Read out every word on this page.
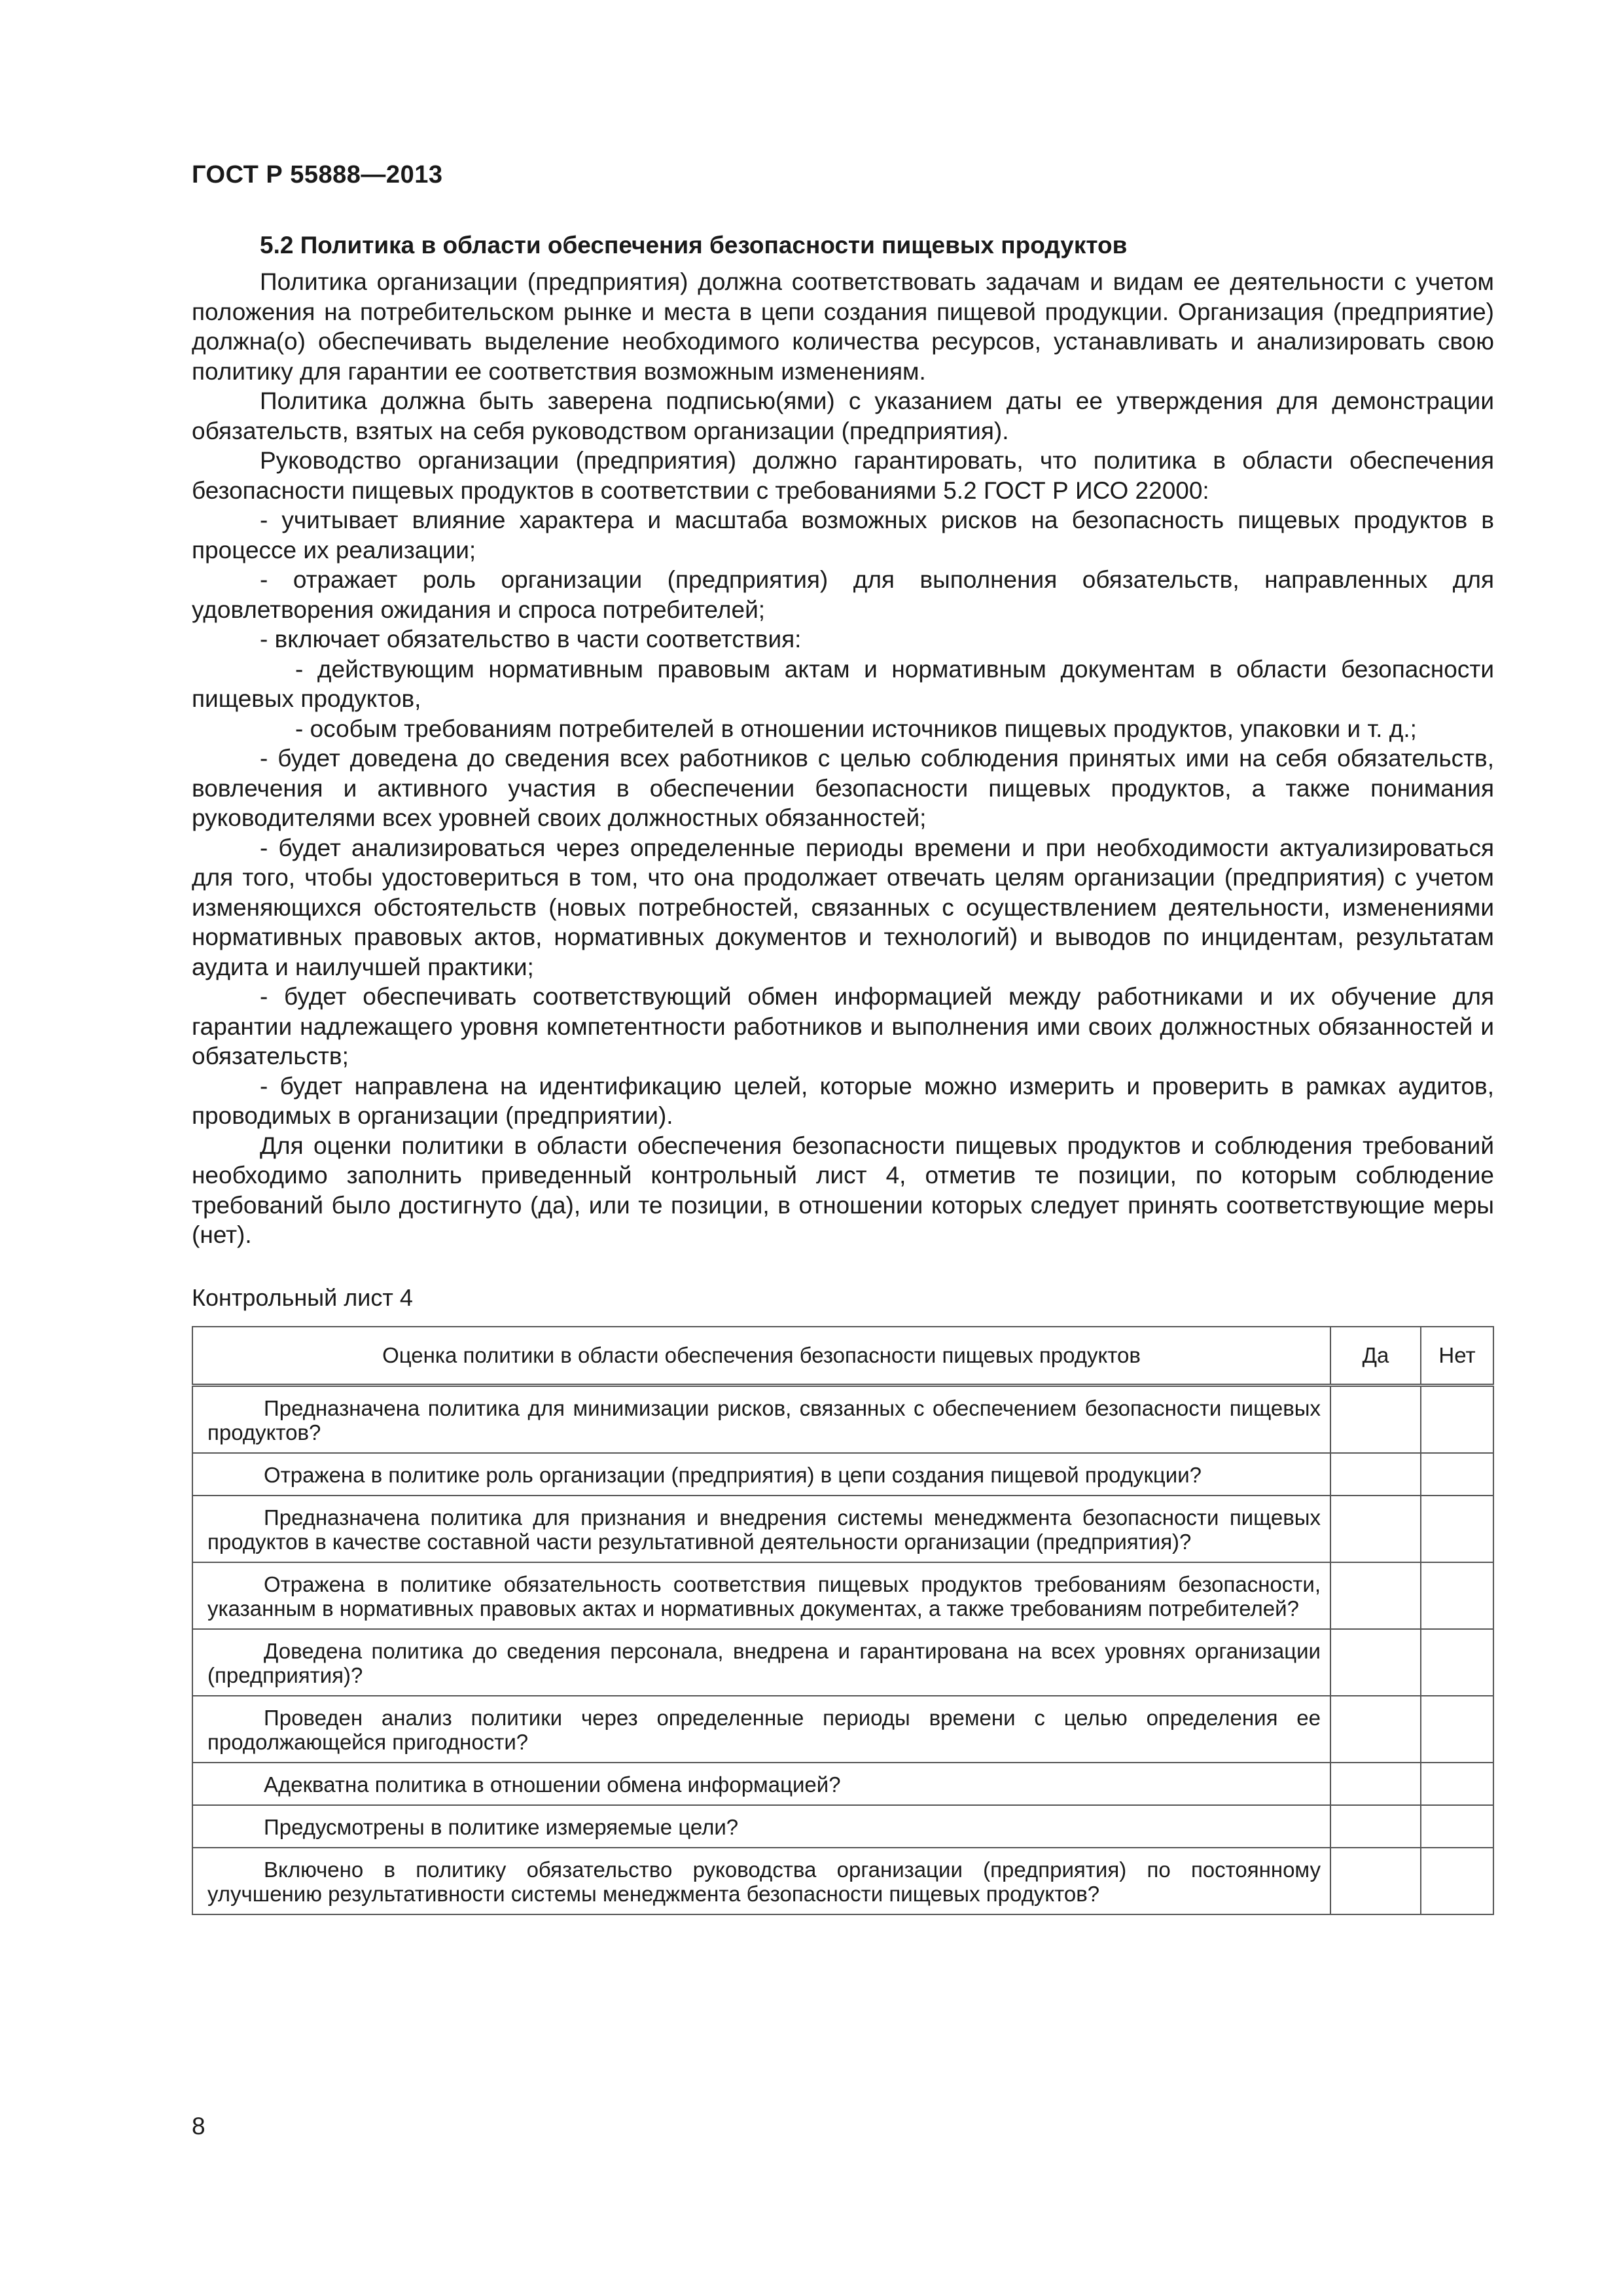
ГОСТ Р 55888—2013
5.2 Политика в области обеспечения безопасности пищевых продуктов

Политика организации (предприятия) должна соответствовать задачам и видам ее деятельности с учетом положения на потребительском рынке и места в цепи создания пищевой продукции. Организация (предприятие) должна(о) обеспечивать выделение необходимого количества ресурсов, устанавливать и анализировать свою политику для гарантии ее соответствия возможным изменениям.

Политика должна быть заверена подписью(ями) с указанием даты ее утверждения для демонстрации обязательств, взятых на себя руководством организации (предприятия).

Руководство организации (предприятия) должно гарантировать, что политика в области обеспечения безопасности пищевых продуктов в соответствии с требованиями 5.2 ГОСТ Р ИСО 22000:

- учитывает влияние характера и масштаба возможных рисков на безопасность пищевых продуктов в процессе их реализации;

- отражает роль организации (предприятия) для выполнения обязательств, направленных для удовлетворения ожидания и спроса потребителей;

- включает обязательство в части соответствия:

- действующим нормативным правовым актам и нормативным документам в области безопасности пищевых продуктов,

- особым требованиям потребителей в отношении источников пищевых продуктов, упаковки и т. д.;

- будет доведена до сведения всех работников с целью соблюдения принятых ими на себя обязательств, вовлечения и активного участия в обеспечении безопасности пищевых продуктов, а также понимания руководителями всех уровней своих должностных обязанностей;

- будет анализироваться через определенные периоды времени и при необходимости актуализироваться для того, чтобы удостовериться в том, что она продолжает отвечать целям организации (предприятия) с учетом изменяющихся обстоятельств (новых потребностей, связанных с осуществлением деятельности, изменениями нормативных правовых актов, нормативных документов и технологий) и выводов по инцидентам, результатам аудита и наилучшей практики;

- будет обеспечивать соответствующий обмен информацией между работниками и их обучение для гарантии надлежащего уровня компетентности работников и выполнения ими своих должностных обязанностей и обязательств;

- будет направлена на идентификацию целей, которые можно измерить и проверить в рамках аудитов, проводимых в организации (предприятии).

Для оценки политики в области обеспечения безопасности пищевых продуктов и соблюдения требований необходимо заполнить приведенный контрольный лист 4, отметив те позиции, по которым соблюдение требований было достигнуто (да), или те позиции, в отношении которых следует принять соответствующие меры (нет).

Контрольный лист 4
Оценка политики в области обеспечения безопасности пищевых продуктов	Да	Нет
Предназначена политика для минимизации рисков, связанных с обеспечением безопасности пищевых продуктов?		
Отражена в политике роль организации (предприятия) в цепи создания пищевой продукции?		
Предназначена политика для признания и внедрения системы менеджмента безопасности пищевых продуктов в качестве составной части результативной деятельности организации (предприятия)?		
Отражена в политике обязательность соответствия пищевых продуктов требованиям безопасности, указанным в нормативных правовых актах и нормативных документах, а также требованиям потребителей?		
Доведена политика до сведения персонала, внедрена и гарантирована на всех уровнях организации (предприятия)?		
Проведен анализ политики через определенные периоды времени с целью определения ее продолжающейся пригодности?		
Адекватна политика в отношении обмена информацией?		
Предусмотрены в политике измеряемые цели?		
Включено в политику обязательство руководства организации (предприятия) по постоянному улучшению результативности системы менеджмента безопасности пищевых продуктов?		
8
